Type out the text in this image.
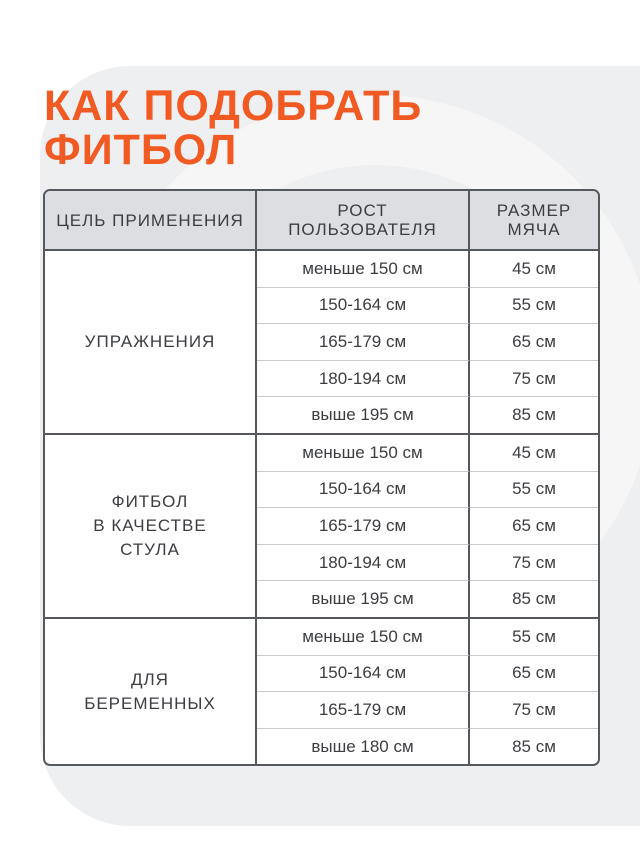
КАК ПОДОБРАТЬ
ФИТБОЛ
ЦЕЛЬ ПРИМЕНЕНИЯ	РОСТ ПОЛЬЗОВАТЕЛЯ	РАЗМЕР МЯЧА
УПРАЖНЕНИЯ	меньше 150 см	45 см
	150-164 см	55 см
	165-179 см	65 см
	180-194 см	75 см
	выше 195 см	85 см
ФИТБОЛ
В КАЧЕСТВЕ
СТУЛА	меньше 150 см	45 см
	150-164 см	55 см
	165-179 см	65 см
	180-194 см	75 см
	выше 195 см	85 см
ДЛЯ
БЕРЕМЕННЫХ	меньше 150 см	55 см
	150-164 см	65 см
	165-179 см	75 см
	выше 180 см	85 см
